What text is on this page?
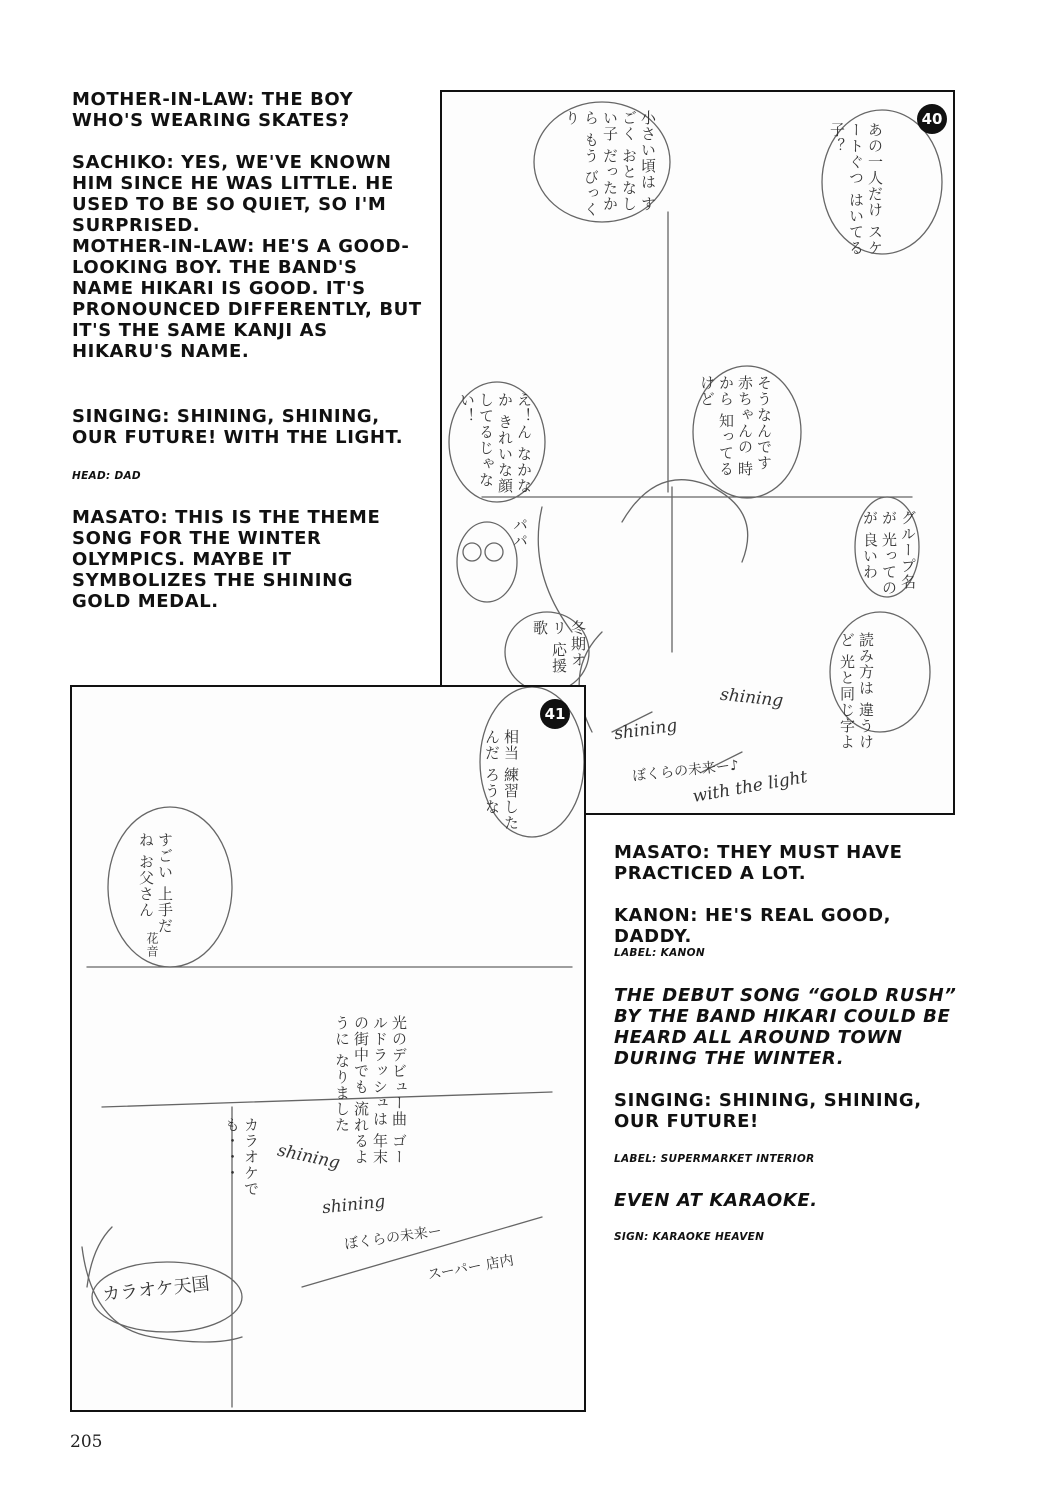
MOTHER-IN-LAW: THE BOY WHO'S WEARING SKATES?

SACHIKO: YES, WE'VE KNOWN HIM SINCE HE WAS LITTLE. HE USED TO BE SO QUIET, SO I'M SURPRISED.

MOTHER-IN-LAW: HE'S A GOOD-LOOKING BOY. THE BAND'S NAME HIKARI IS GOOD. IT'S PRONOUNCED DIFFERENTLY, BUT IT'S THE SAME KANJI AS HIKARU'S NAME.

SINGING: SHINING, SHINING, OUR FUTURE! WITH THE LIGHT.

HEAD: DAD

MASATO: THIS IS THE THEME SONG FOR THE WINTER OLYMPICS. MAYBE IT SYMBOLIZES THE SHINING GOLD MEDAL.

40
小さい頃は すごく おとなしい子 だったから もう びっくり
あの一人だけ スケートぐつ はいてる子？
そうなんです 赤ちゃんの 時から 知ってるけど
え！ん なかなか きれいな顔 してるじゃない！
グループ名が 光ってのが 良いわ
読み方は 違うけど 光と同じ字よ
冬期オリ 応援歌
パパ
shining
shining
ぼくらの未来ー♪
with the light
41
相当 練習したんだ ろうな
すごい 上手だね お父さん
花音
光のデビュー曲 ゴールドラッシュは 年末の街中でも 流れるように なりました
カラオケでも・・・	shining
shining
ぼくらの未来ー
スーパー 店内
カラオケ天国

MASATO: THEY MUST HAVE PRACTICED A LOT.

KANON: HE'S REAL GOOD, DADDY.

LABEL: KANON

THE DEBUT SONG “GOLD RUSH” BY THE BAND HIKARI COULD BE HEARD ALL AROUND TOWN DURING THE WINTER.

SINGING: SHINING, SHINING, OUR FUTURE!

LABEL: SUPERMARKET INTERIOR

EVEN AT KARAOKE.

SIGN: KARAOKE HEAVEN

205
